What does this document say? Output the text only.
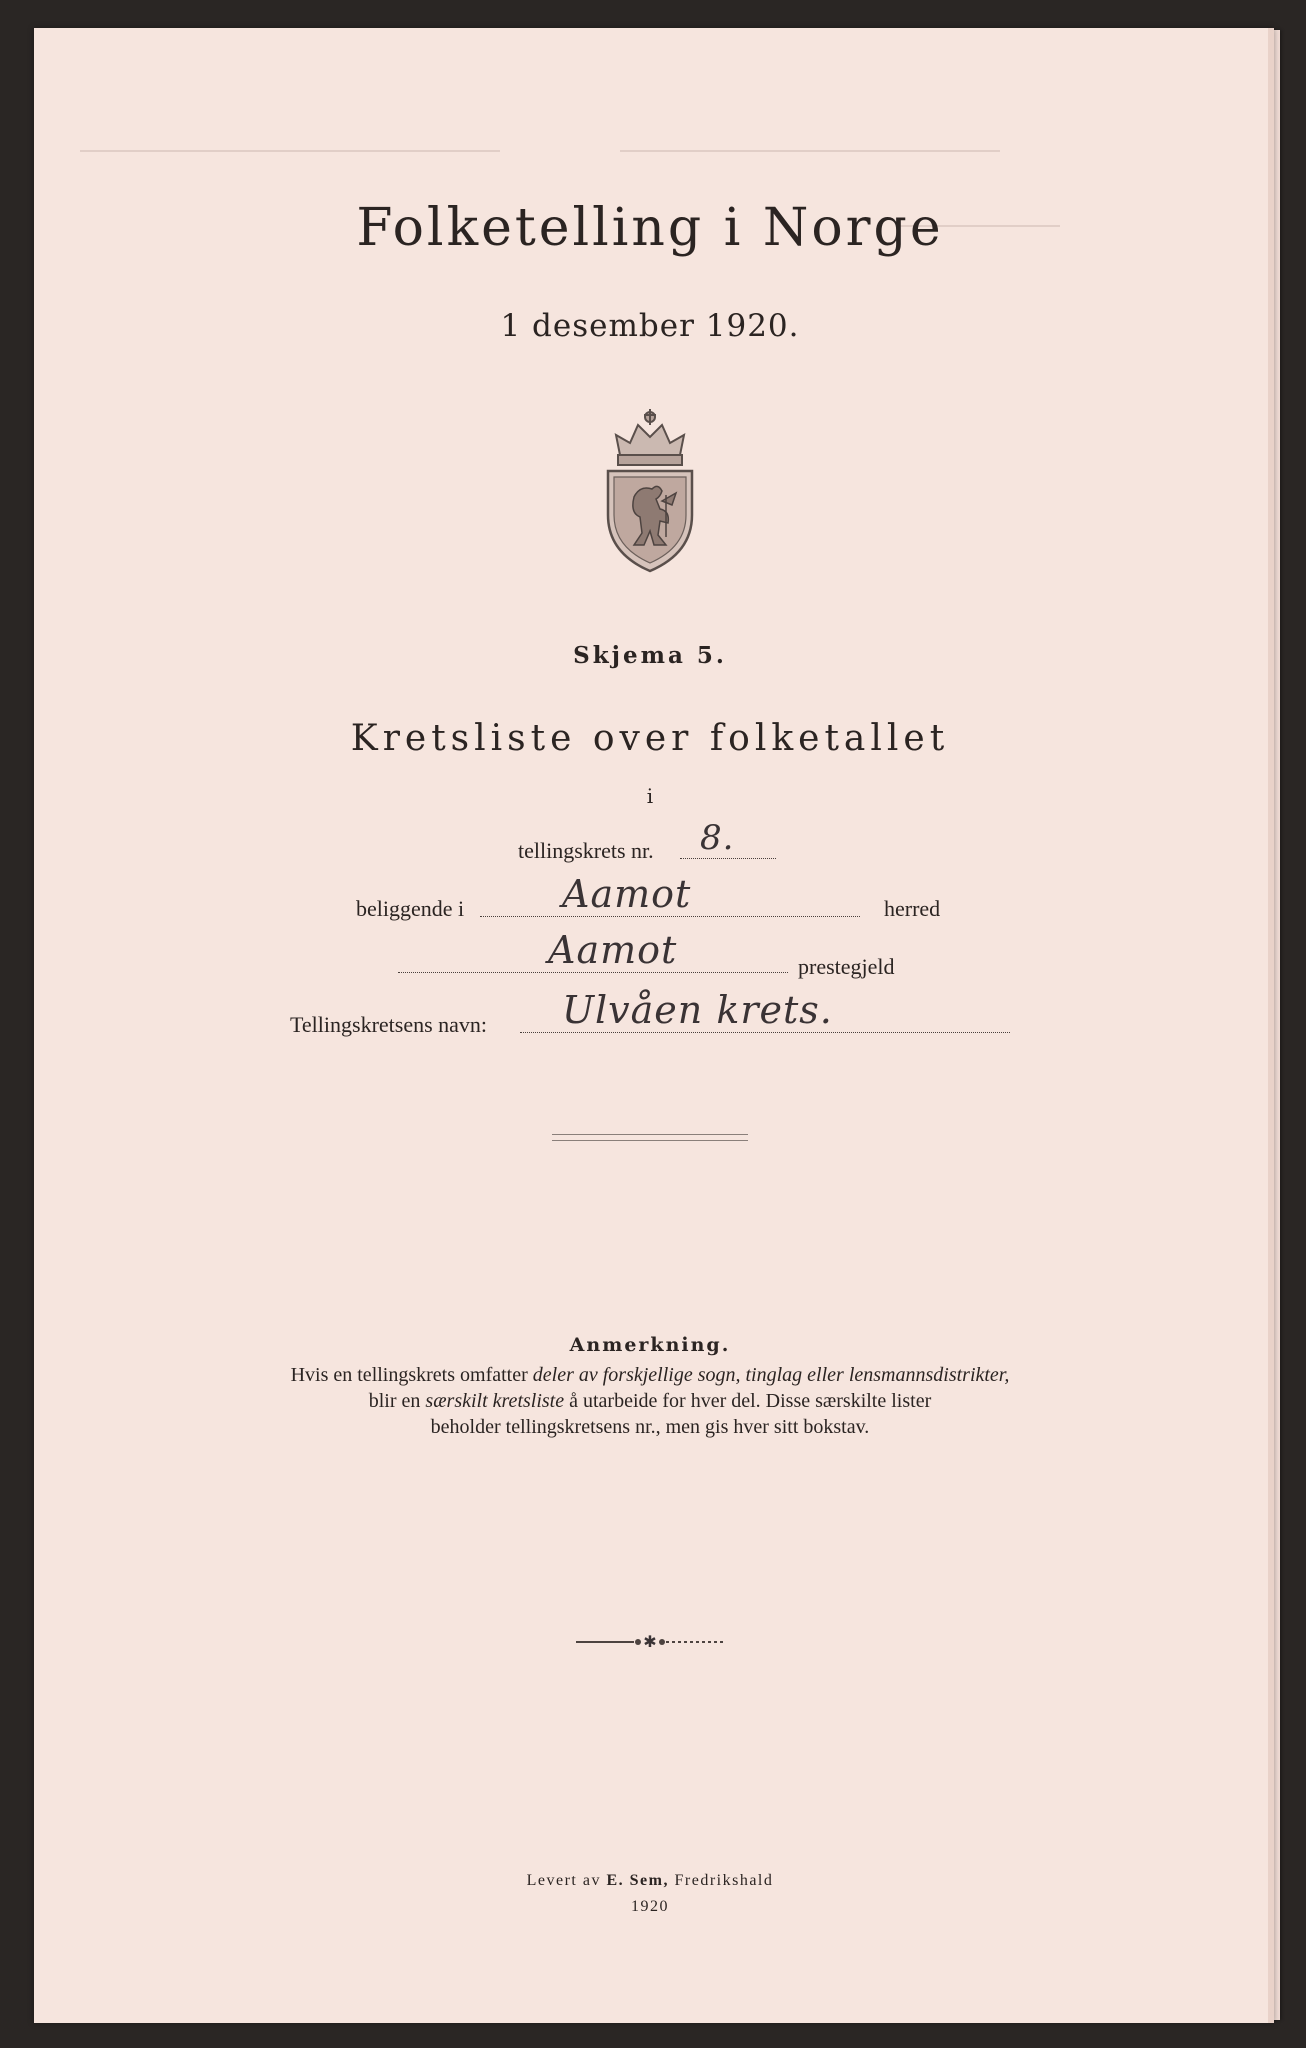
Folketelling i Norge
1 desember 1920.
Skjema 5.
Kretsliste over folketallet
i
tellingskrets nr. 8.
beliggende i	Aamot	herred
Aamot	prestegjeld
Tellingskretsens navn: Ulvåen krets.
Anmerkning.
Hvis en tellingskrets omfatter deler av forskjellige sogn, tinglag eller lensmannsdistrikter,
blir en særskilt kretsliste å utarbeide for hver del. Disse særskilte lister
beholder tellingskretsens nr., men gis hver sitt bokstav.
✱
Levert av E. Sem, Fredrikshald
1920
